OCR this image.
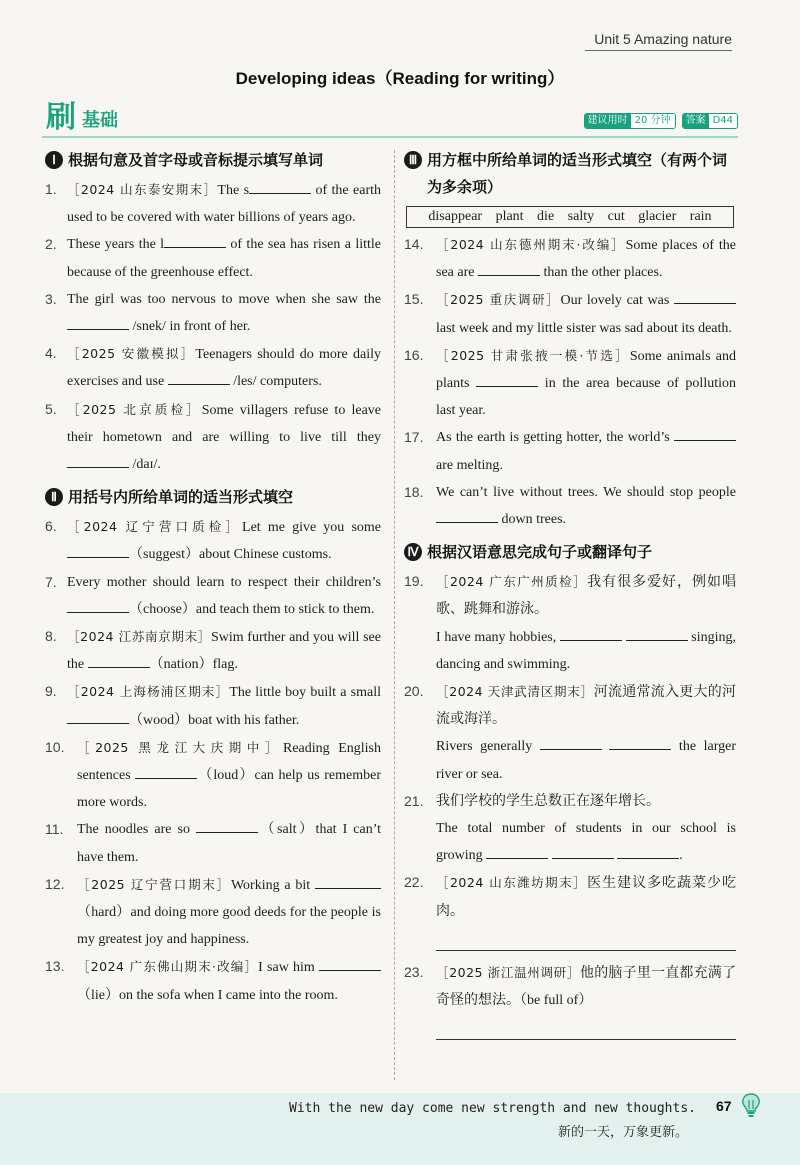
Unit 5 Amazing nature
Developing ideas（Reading for writing）
刷 基础	建议用时 20 分钟	答案 D44
Ⅰ 根据句意及首字母或音标提示填写单词
1. ［2024 山东泰安期末］The s	of the earth used to be covered with water billions of years ago.
2. These years the l	of the sea has risen a little because of the greenhouse effect.
3. The girl was too nervous to move when she saw the  /snek/ in front of her.
4. ［2025 安徽模拟］Teenagers should do more daily exercises and use	/les/ computers.
5. ［2025 北京质检］Some villagers refuse to leave their hometown and are willing to live till they  /daɪ/.
Ⅱ 用括号内所给单词的适当形式填空
6. ［2024 辽宁营口质检］Let me give you some （suggest）about Chinese customs.
7. Every mother should learn to respect their children’s （choose）and teach them to stick to them.
8. ［2024 江苏南京期末］Swim further and you will see the	（nation）flag.
9. ［2024 上海杨浦区期末］The little boy built a small （wood）boat with his father.
10. ［2025 黑龙江大庆期中］Reading English sentences	（loud）can help us remember more words.
11. The noodles are so	（salt）that I can’t have them.
12. ［2025 辽宁营口期末］Working a bit （hard）and doing more good deeds for the people is my greatest joy and happiness.
13. ［2024 广东佛山期末·改编］I saw him （lie）on the sofa when I came into the room.
Ⅲ 用方框中所给单词的适当形式填空（有两个词为多余项）
disappear plant die salty cut glacier rain
14. ［2024 山东德州期末·改编］Some places of the sea are	than the other places.
15. ［2025 重庆调研］Our lovely cat was  last week and my little sister was sad about its death.
16. ［2025 甘肃张掖一模·节选］Some animals and plants	in the area because of pollution last year.
17. As the earth is getting hotter, the world’s  are melting.
18. We can’t live without trees. We should stop people  down trees.
Ⅳ 根据汉语意思完成句子或翻译句子
19. ［2024 广东广州质检］我有很多爱好，例如唱歌、跳舞和游泳。
I have many hobbies,	singing, dancing and swimming.
20. ［2024 天津武清区期末］河流通常流入更大的河流或海洋。
Rivers generally	the larger river or sea.
21. 我们学校的学生总数正在逐年增长。
The total number of students in our school is growing	.
22. ［2024 山东潍坊期末］医生建议多吃蔬菜少吃肉。
23. ［2025 浙江温州调研］他的脑子里一直都充满了奇怪的想法。（be full of）
With the new day come new strength and new thoughts.
新的一天，万象更新。
67
